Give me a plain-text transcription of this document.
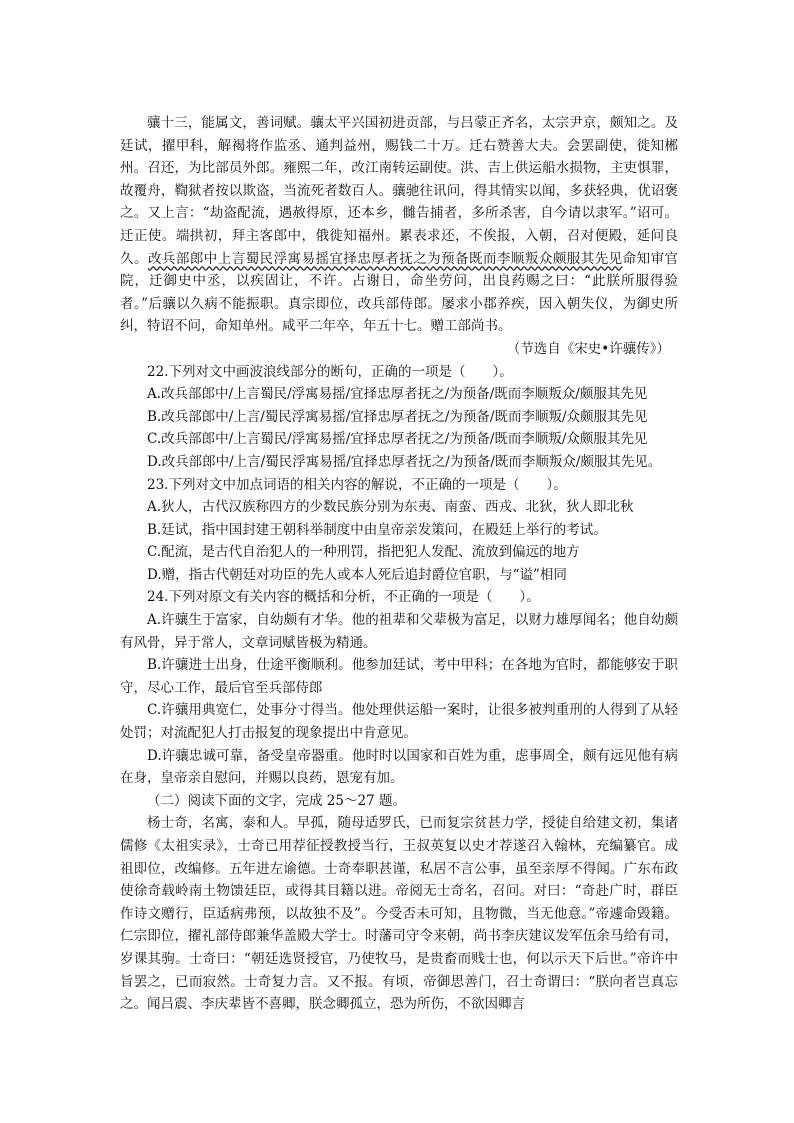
骧十三，能属文，善词赋。骧太平兴国初进贡部，与吕蒙正齐名，太宗尹京，颇知之。及廷试，擢甲科，解褐将作监丞、通判益州，赐钱二十万。迁右赞善大夫。会罢副使，徙知郴州。召还，为比部员外郎。雍熙二年，改江南转运副使。洪、吉上供运船水损物，主吏惧罪，故覆舟，鞫狱者按以欺盗，当流死者数百人。骧驰往讯问，得其情实以闻，多获轻典，优诏褒之。又上言：“劫盗配流，遇赦得原，还本乡，雠告捕者，多所杀害，自今请以隶军。”诏可。迁正使。端拱初，拜主客郎中，俄徙知福州。累表求还，不俟报，入朝，召对便殿，延问良久。改兵部郎中上言蜀民浮寓易摇宜择忠厚者抚之为预备既而李顺叛众颇服其先见命知审官院，迁御史中丞，以疾固让，不许。占谢日，命坐劳问，出良药赐之曰：“此朕所服得验者。”后骧以久病不能振职。真宗即位，改兵部侍郎。屡求小郡养疾，因入朝失仪，为御史所纠，特诏不问，命知单州。咸平二年卒，年五十七。赠工部尚书。

（节选自《宋史•许骧传》）

22.下列对文中画波浪线部分的断句，正确的一项是（　　）。

A.改兵部郎中/上言蜀民/浮寓易摇/宜择忠厚者抚之/为预备/既而李顺叛众/颇服其先见

B.改兵部郎中/上言/蜀民浮寓易摇/宜择忠厚者抚之/为预备/既而李顺叛/众颇服其先见

C.改兵部郎中/上言蜀民/浮寓易摇/宜择忠厚者抚之/为预备/既而李顺叛/众颇服其先见

D.改兵部郎中/上言/蜀民浮寓易摇/宜择忠厚者抚之/为预备/既而李顺叛众/颇服其先见。

23.下列对文中加点词语的相关内容的解说，不正确的一项是（　　）。

A.狄人，古代汉族称四方的少数民族分别为东夷、南蛮、西戎、北狄，狄人即北秋

B.廷试，指中国封建王朝科举制度中由皇帝亲发策问，在殿廷上举行的考试。

C.配流，是古代自治犯人的一种刑罚，指把犯人发配、流放到偏远的地方

D.赠，指古代朝廷对功臣的先人或本人死后追封爵位官职，与“谥”相同

24.下列对原文有关内容的概括和分析，不正确的一项是（　　）。

A.许骧生于富家，自幼颇有才华。他的祖辈和父辈极为富足，以财力雄厚闻名；他自幼颇有风骨，异于常人，文章词赋皆极为精通。

B.许骧进士出身，仕途平衡顺利。他参加廷试，考中甲科；在各地为官时，都能够安于职守，尽心工作，最后官至兵部侍郎

C.许骧用典宽仁，处事分寸得当。他处理供运船一案时，让很多被判重刑的人得到了从轻处罚；对流配犯人打击报复的现象提出中肯意见。

D.许骧忠诚可靠，备受皇帝器重。他时时以国家和百姓为重，虑事周全，颇有远见他有病在身，皇帝亲自慰问，并赐以良药，恩宠有加。

（二）阅读下面的文字，完成 25～27 题。

杨士奇，名寓，泰和人。早孤，随母适罗氏，已而复宗贫甚力学，授徒自给建文初，集诸儒修《太祖实录》，士奇已用荐征授教授当行，王叔英复以史才荐遂召入翰林，充编纂官。成祖即位，改编修。五年进左谕德。士奇奉职甚谨，私居不言公事，虽至亲厚不得闻。广东布政使徐奇载岭南土物馈廷臣，或得其目籍以进。帝阅无士奇名，召问。对曰：“奇赴广时，群臣作诗文赠行，臣适病弗预，以故独不及”。今受否未可知，且物微，当无他意。”帝遽命毁籍。仁宗即位，擢礼部侍郎兼华盖殿大学士。时藩司守令来朝，尚书李庆建议发军伍余马给有司，岁课其驹。士奇曰：“朝廷选贤授官，乃使牧马，是贵畜而贱士也，何以示天下后世。”帝许中旨罢之，已而寂然。士奇复力言。又不报。有顷，帝御思善门，召士奇谓曰：“朕向者岂真忘之。闻吕震、李庆辈皆不喜卿，朕念卿孤立，恐为所伤，不欲因卿言
